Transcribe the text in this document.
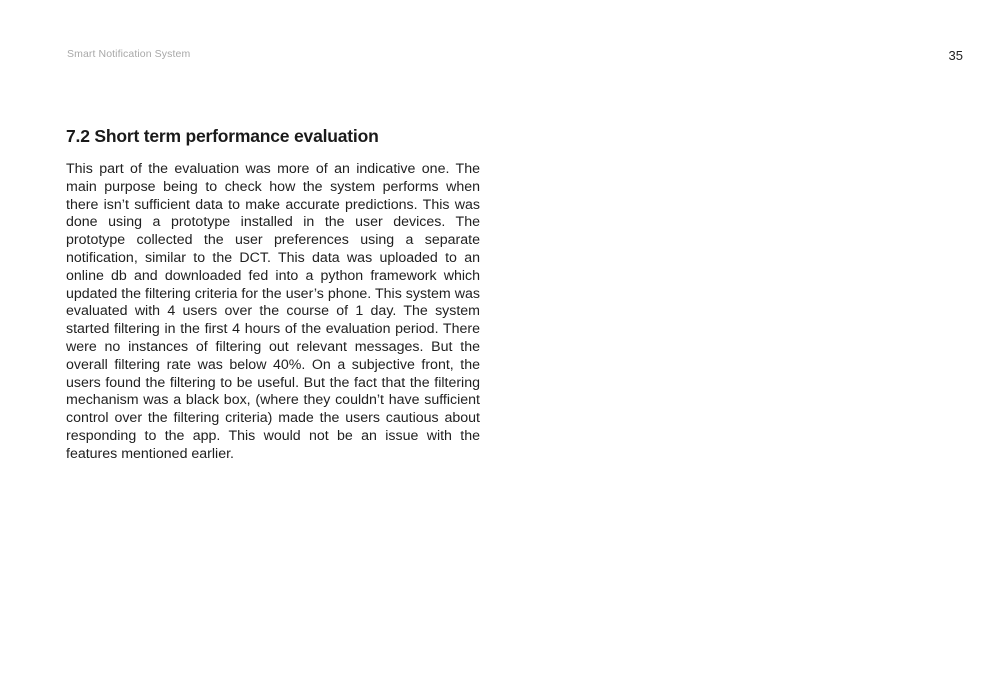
Smart Notification System	35
7.2 Short term performance evaluation

This part of the evaluation was more of an indicative one. The main purpose being to check how the system performs when there isn’t sufficient data to make accurate predictions. This was done using a prototype installed in the user devices. The prototype collected the user preferences using a separate notification, similar to the DCT. This data was uploaded to an online db and downloaded fed into a python framework which updated the filtering criteria for the user’s phone. This system was evaluated with 4 users over the course of 1 day. The system started filtering in the first 4 hours of the evaluation period. There were no instances of filtering out relevant messages. But the overall filtering rate was below 40%. On a subjective front, the users found the filtering to be useful. But the fact that the filtering mechanism was a black box, (where they couldn’t have sufficient control over the filtering criteria) made the users cautious about responding to the app. This would not be an issue with the features mentioned earlier.
